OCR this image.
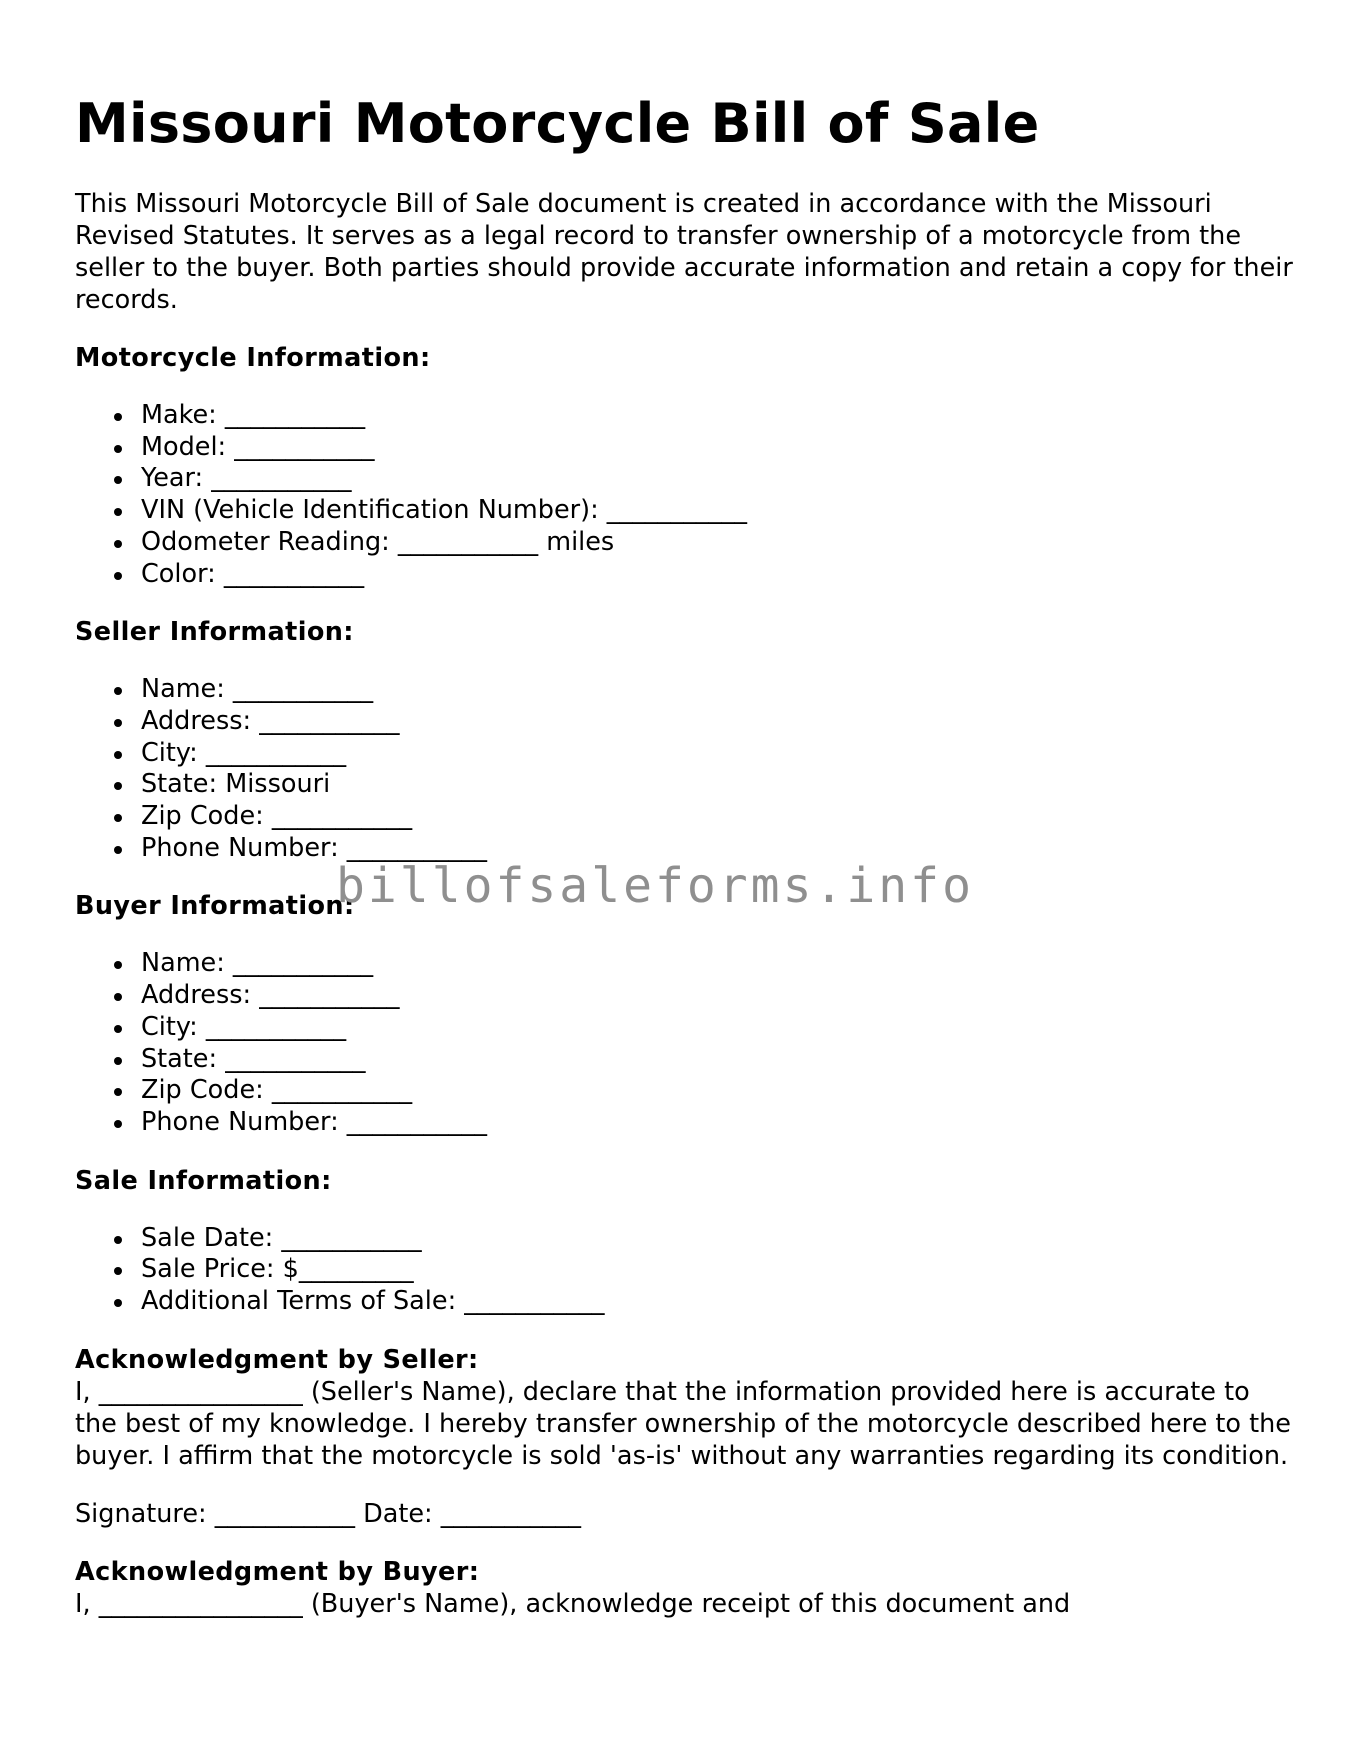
Missouri Motorcycle Bill of Sale

This Missouri Motorcycle Bill of Sale document is created in accordance with the Missouri Revised Statutes. It serves as a legal record to transfer ownership of a motorcycle from the seller to the buyer. Both parties should provide accurate information and retain a copy for their records.

Motorcycle Information:
Make: ___________
Model: ___________
Year: ___________
VIN (Vehicle Identification Number): ___________
Odometer Reading: ___________ miles
Color: ___________
Seller Information:
Name: ___________
Address: ___________
City: ___________
State: Missouri
Zip Code: ___________
Phone Number: ___________
Buyer Information:
Name: ___________
Address: ___________
City: ___________
State: ___________
Zip Code: ___________
Phone Number: ___________
Sale Information:
Sale Date: ___________
Sale Price: $_________
Additional Terms of Sale: ___________
Acknowledgment by Seller:

I, ________________ (Seller's Name), declare that the information provided here is accurate to the best of my knowledge. I hereby transfer ownership of the motorcycle described here to the buyer. I affirm that the motorcycle is sold 'as-is' without any warranties regarding its condition.

Signature: ___________ Date: ___________

Acknowledgment by Buyer:

I, ________________ (Buyer's Name), acknowledge receipt of this document and

billofsaleforms.info
